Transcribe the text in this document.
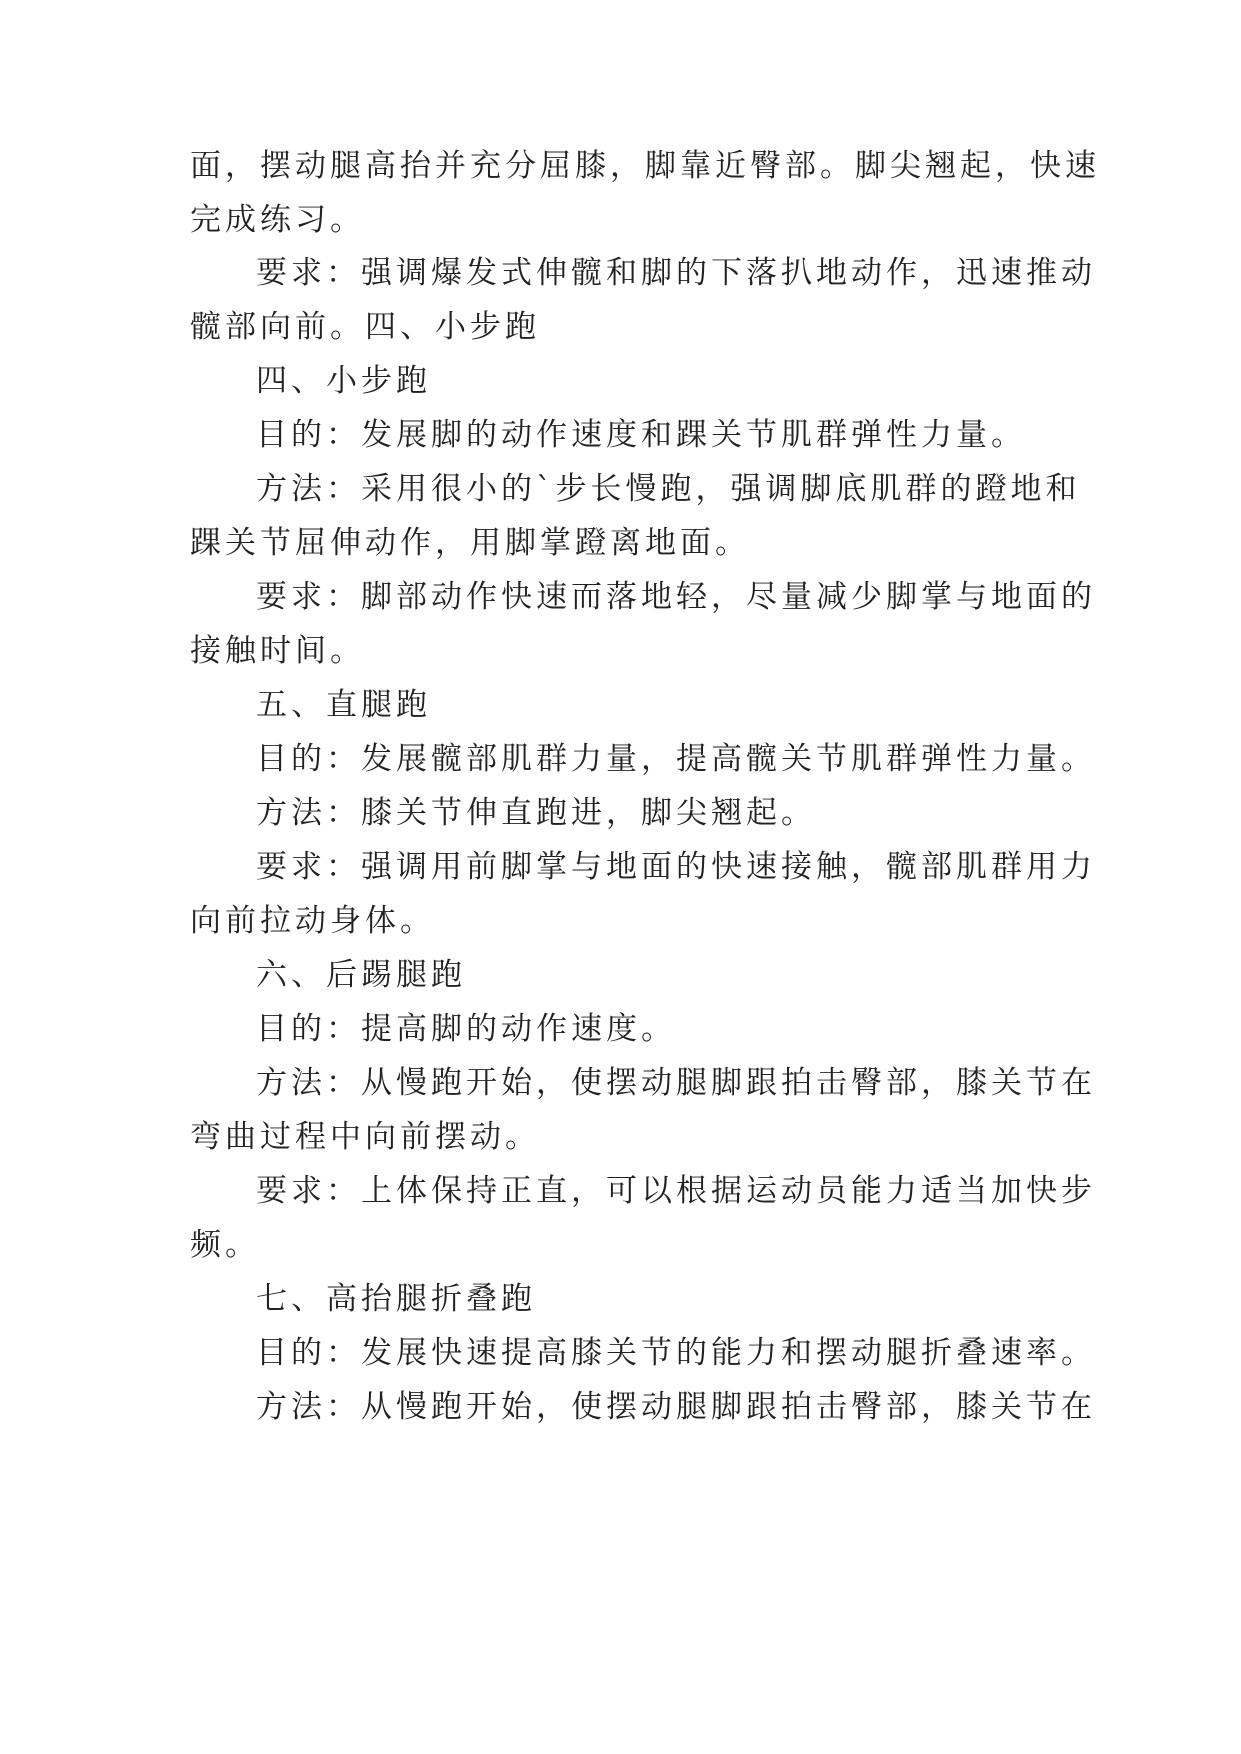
面，摆动腿高抬并充分屈膝，脚靠近臀部。脚尖翘起，快速
完成练习。
要求：强调爆发式伸髋和脚的下落扒地动作，迅速推动
髋部向前。四、小步跑
四、小步跑
目的：发展脚的动作速度和踝关节肌群弹性力量。
方法：采用很小的`步长慢跑，强调脚底肌群的蹬地和
踝关节屈伸动作，用脚掌蹬离地面。
要求：脚部动作快速而落地轻，尽量减少脚掌与地面的
接触时间。
五、直腿跑
目的：发展髋部肌群力量，提高髋关节肌群弹性力量。
方法：膝关节伸直跑进，脚尖翘起。
要求：强调用前脚掌与地面的快速接触，髋部肌群用力
向前拉动身体。
六、后踢腿跑
目的：提高脚的动作速度。
方法：从慢跑开始，使摆动腿脚跟拍击臀部，膝关节在
弯曲过程中向前摆动。
要求：上体保持正直，可以根据运动员能力适当加快步
频。
七、高抬腿折叠跑
目的：发展快速提高膝关节的能力和摆动腿折叠速率。
方法：从慢跑开始，使摆动腿脚跟拍击臀部，膝关节在
